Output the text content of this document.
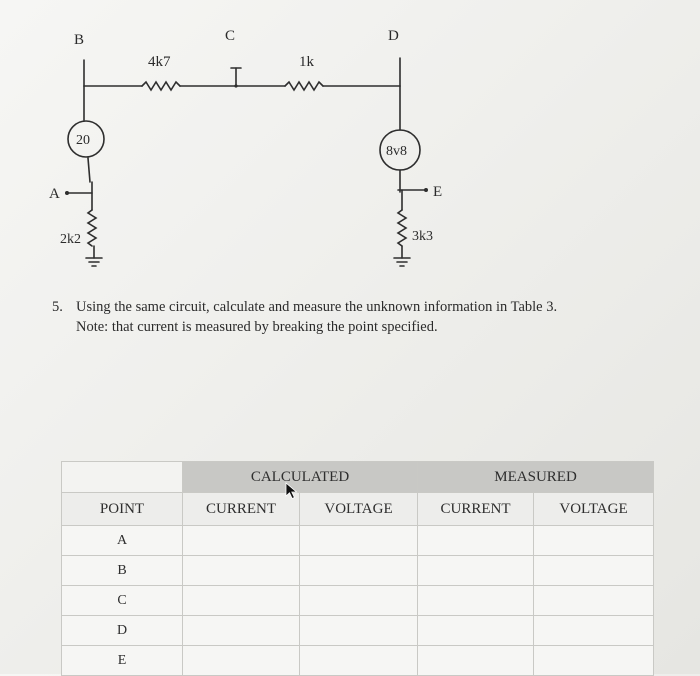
B	C	D
A	E
4k7	1k
20
8v8
2k2	3k3

5. Using the same circuit, calculate and measure the unknown information in Table 3.
Note: that current is measured by breaking the point specified.

	CALCULATED		MEASURED	
POINT	CURRENT	VOLTAGE	CURRENT	VOLTAGE
A				
B				
C				
D				
E				
